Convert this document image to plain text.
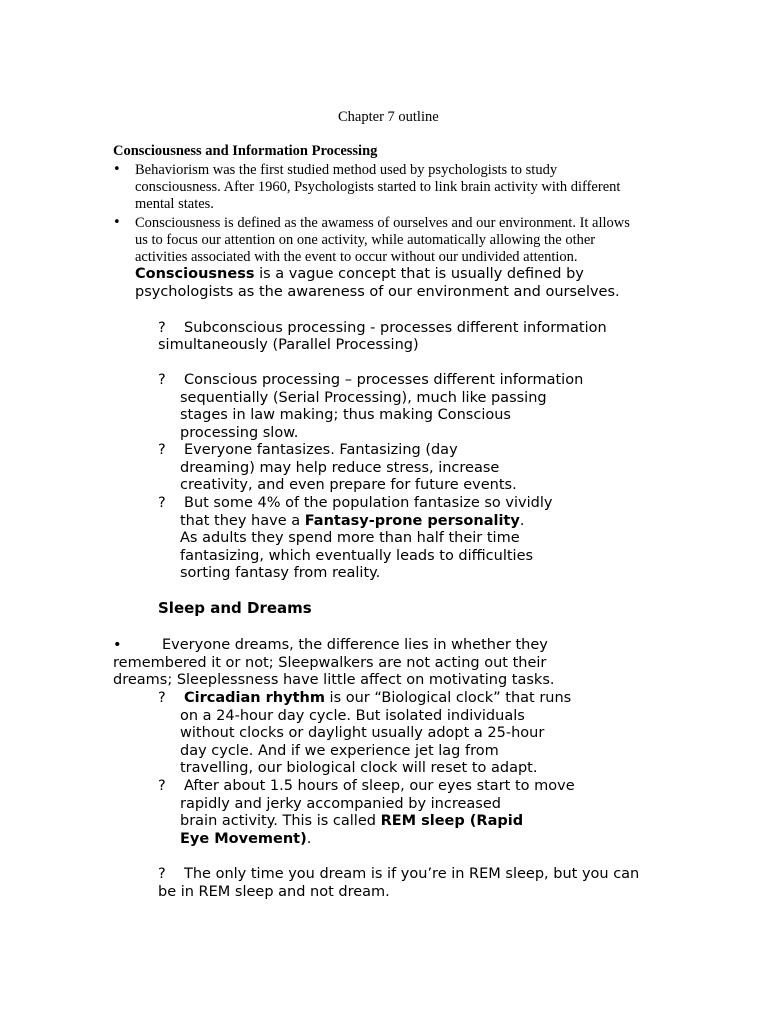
Chapter 7 outline
Consciousness and Information Processing
• Behaviorism was the first studied method used by psychologists to study
consciousness. After 1960, Psychologists started to link brain activity with different
mental states.
• Consciousness is defined as the awamess of ourselves and our environment. It allows
us to focus our attention on one activity, while automatically allowing the other
activities associated with the event to occur without our undivided attention.
Consciousness is a vague concept that is usually defined by
psychologists as the awareness of our environment and ourselves.
? Subconscious processing - processes different information
simultaneously (Parallel Processing)
? Conscious processing – processes different information
sequentially (Serial Processing), much like passing
stages in law making; thus making Conscious
processing slow.
? Everyone fantasizes. Fantasizing (day
dreaming) may help reduce stress, increase
creativity, and even prepare for future events.
? But some 4% of the population fantasize so vividly
that they have a Fantasy-prone personality.
As adults they spend more than half their time
fantasizing, which eventually leads to difficulties
sorting fantasy from reality.
Sleep and Dreams
•	Everyone dreams, the difference lies in whether they
remembered it or not; Sleepwalkers are not acting out their
dreams; Sleeplessness have little affect on motivating tasks.
? Circadian rhythm is our “Biological clock” that runs
on a 24-hour day cycle. But isolated individuals
without clocks or daylight usually adopt a 25-hour
day cycle. And if we experience jet lag from
travelling, our biological clock will reset to adapt.
? After about 1.5 hours of sleep, our eyes start to move
rapidly and jerky accompanied by increased
brain activity. This is called REM sleep (Rapid
Eye Movement).
? The only time you dream is if you’re in REM sleep, but you can
be in REM sleep and not dream.
